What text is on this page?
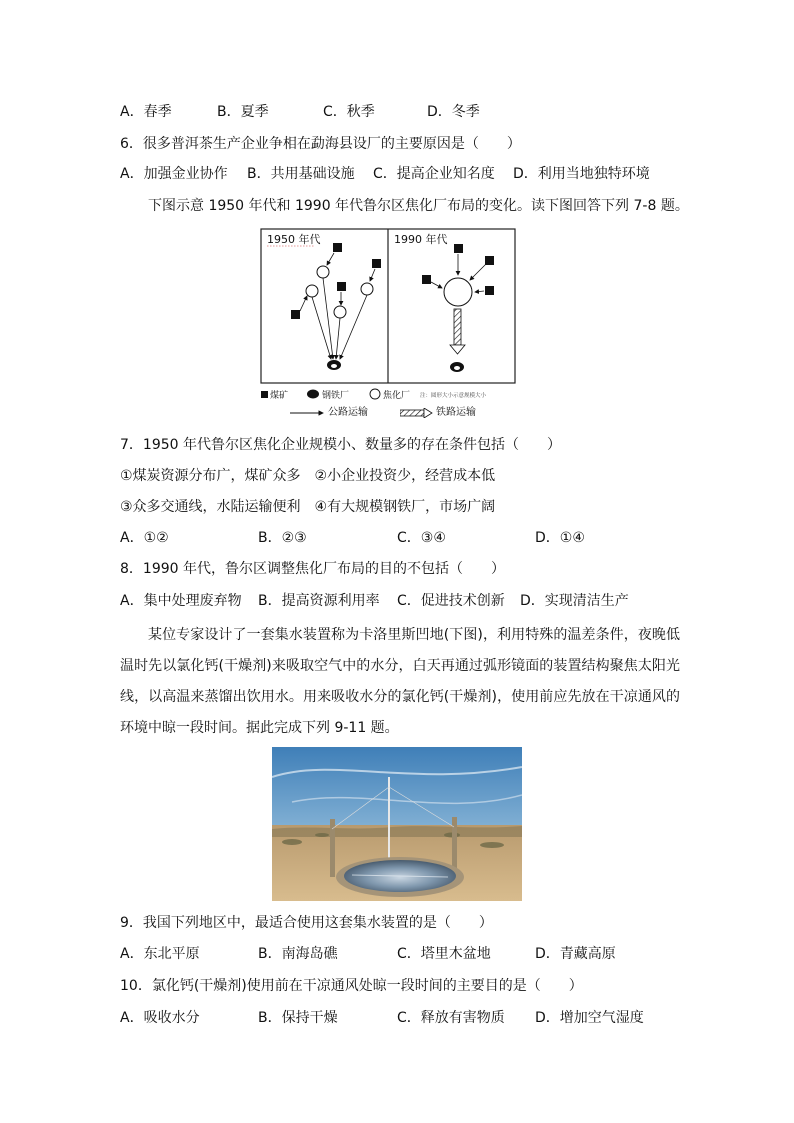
A．春季	B．夏季	C．秋季	D．冬季
6．很多普洱茶生产企业争相在勐海县设厂的主要原因是（　　）
A．加强金业协作 B．共用基础设施 C．提高企业知名度 D．利用当地独特环境
下图示意 1950 年代和 1990 年代鲁尔区焦化厂布局的变化。读下图回答下列 7-8 题。
1950 年代	1990 年代
煤矿	钢铁厂	焦化厂 注：圆形大小示意规模大小
公路运输	铁路运输
7．1950 年代鲁尔区焦化企业规模小、数量多的存在条件包括（　　）
①煤炭资源分布广，煤矿众多　②小企业投资少，经营成本低
③众多交通线，水陆运输便利　④有大规模钢铁厂，市场广阔
A．①②	B．②③	C．③④	D．①④
8．1990 年代，鲁尔区调整焦化厂布局的目的不包括（　　）
A．集中处理废弃物 B．提高资源利用率 C．促进技术创新 D．实现清洁生产
某位专家设计了一套集水装置称为卡洛里斯凹地(下图)，利用特殊的温差条件，夜晚低温时先以氯化钙(干燥剂)来吸取空气中的水分，白天再通过弧形镜面的装置结构聚焦太阳光线，以高温来蒸馏出饮用水。用来吸收水分的氯化钙(干燥剂)，使用前应先放在干凉通风的环境中晾一段时间。据此完成下列 9-11 题。
9．我国下列地区中，最适合使用这套集水装置的是（　　）
A．东北平原	B．南海岛礁	C．塔里木盆地	D．青藏高原
10．氯化钙(干燥剂)使用前在干凉通风处晾一段时间的主要目的是（　　）
A．吸收水分	B．保持干燥	C．释放有害物质 D．增加空气湿度
